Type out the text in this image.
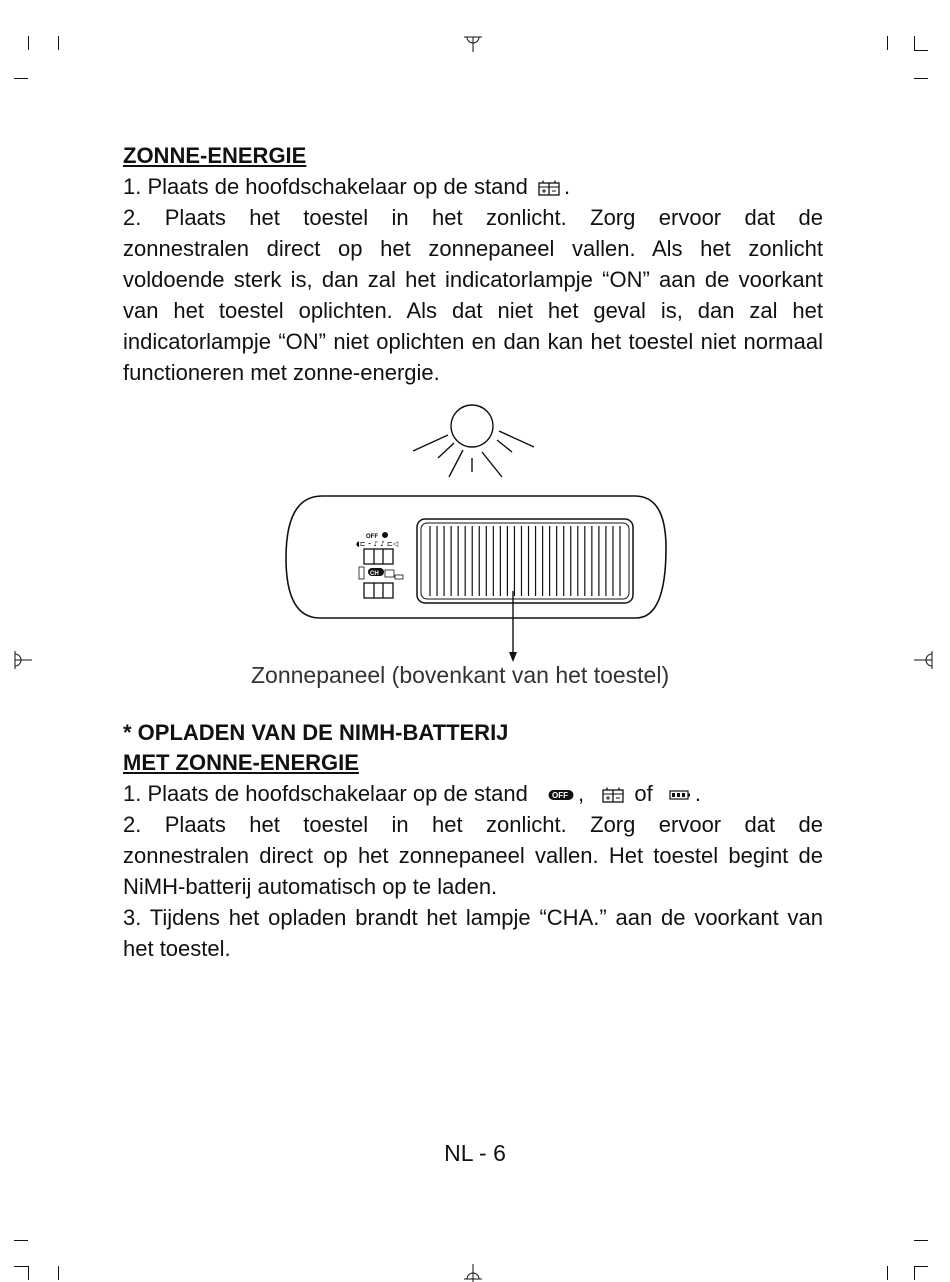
ZONNE-ENERGIE
1. Plaats de hoofdschakelaar op de stand .
2. Plaats het toestel in het zonlicht. Zorg ervoor dat de
zonnestralen direct op het zonnepaneel vallen. Als het zonlicht voldoende sterk is, dan zal het indicatorlampje “ON” aan de voorkant van het toestel oplichten. Als dat niet het geval is, dan zal het indicatorlampje “ON” niet oplichten en dan kan het toestel niet normaal functioneren met zonne-energie.
OFF
◖⊏ ⁃ ♪ ♪ ⊏◁
CH
Zonnepaneel (bovenkant van het toestel)
* OPLADEN VAN DE NIMH-BATTERIJ
MET ZONNE-ENERGIE
1. Plaats de hoofdschakelaar op de stand	OFF , of .
2. Plaats het toestel in het zonlicht. Zorg ervoor dat de
zonnestralen direct op het zonnepaneel vallen. Het toestel begint de NiMH-batterij automatisch op te laden.
3. Tijdens het opladen brandt het lampje “CHA.” aan de voorkant van het toestel.
NL - 6
